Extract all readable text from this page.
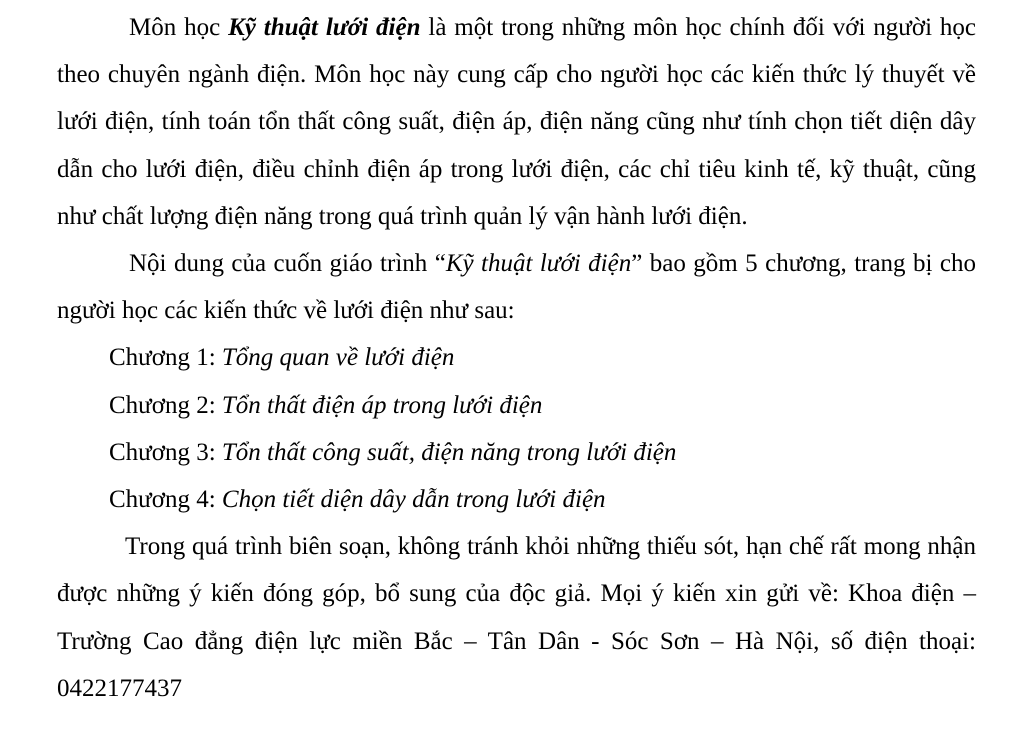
Môn học Kỹ thuật lưới điện là một trong những môn học chính đối với người học theo chuyên ngành điện. Môn học này cung cấp cho người học các kiến thức lý thuyết về lưới điện, tính toán tổn thất công suất, điện áp, điện năng cũng như tính chọn tiết diện dây dẫn cho lưới điện, điều chỉnh điện áp trong lưới điện, các chỉ tiêu kinh tế, kỹ thuật, cũng như chất lượng điện năng trong quá trình quản lý vận hành lưới điện.

Nội dung của cuốn giáo trình “Kỹ thuật lưới điện” bao gồm 5 chương, trang bị cho người học các kiến thức về lưới điện như sau:

Chương 1: Tổng quan về lưới điện

Chương 2: Tổn thất điện áp trong lưới điện

Chương 3: Tổn thất công suất, điện năng trong lưới điện

Chương 4: Chọn tiết diện dây dẫn trong lưới điện

Trong quá trình biên soạn, không tránh khỏi những thiếu sót, hạn chế rất mong nhận được những ý kiến đóng góp, bổ sung của độc giả. Mọi ý kiến xin gửi về: Khoa điện – Trường Cao đẳng điện lực miền Bắc – Tân Dân - Sóc Sơn – Hà Nội, số điện thoại: 0422177437
